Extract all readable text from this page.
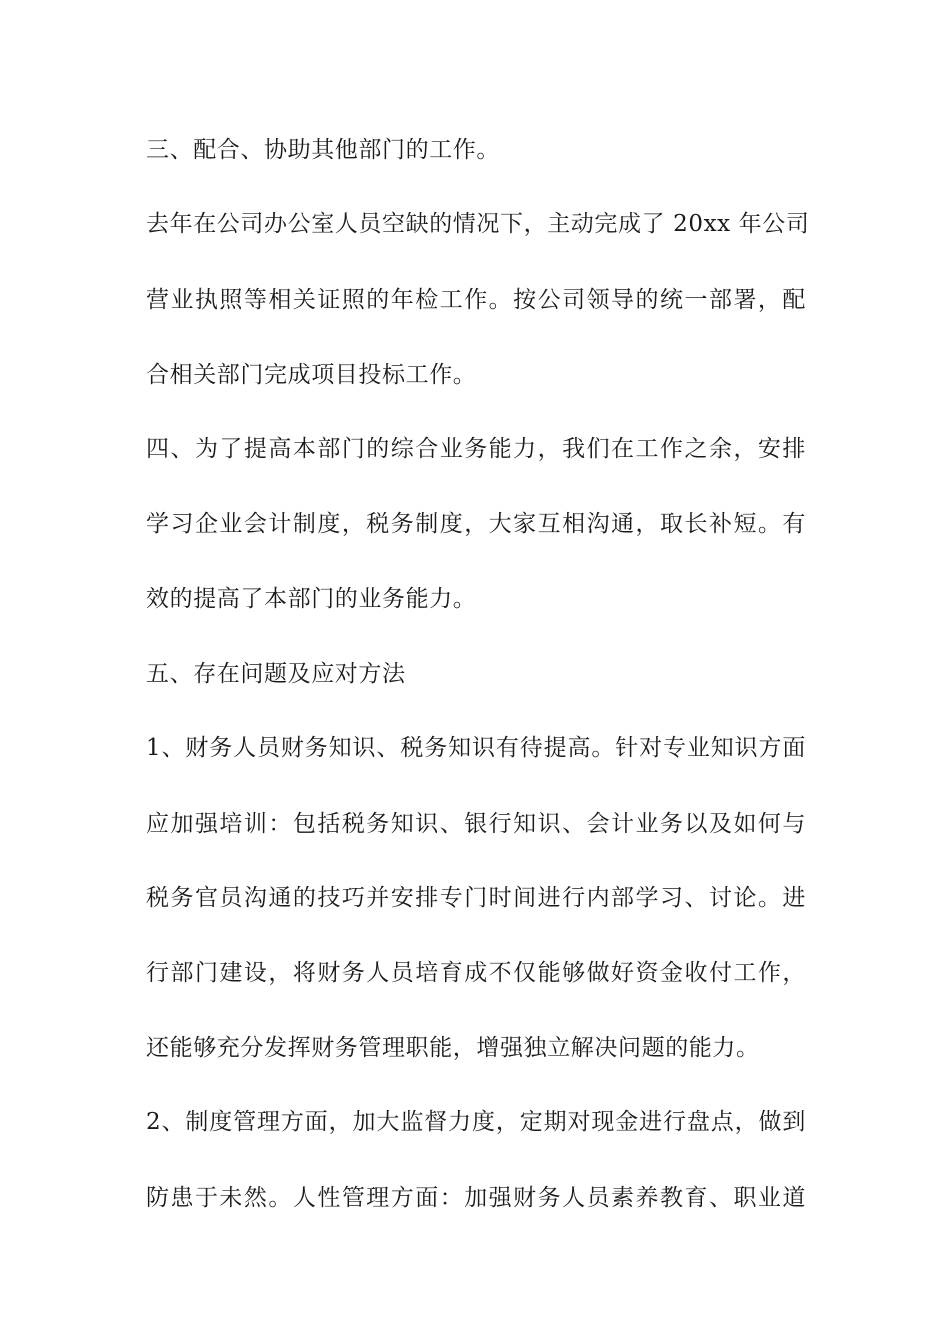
三、配合、协助其他部门的工作。
去年在公司办公室人员空缺的情况下，主动完成了 20xx 年公司
营业执照等相关证照的年检工作。按公司领导的统一部署，配
合相关部门完成项目投标工作。
四、为了提高本部门的综合业务能力，我们在工作之余，安排
学习企业会计制度，税务制度，大家互相沟通，取长补短。有
效的提高了本部门的业务能力。
五、存在问题及应对方法
1、财务人员财务知识、税务知识有待提高。针对专业知识方面
应加强培训：包括税务知识、银行知识、会计业务以及如何与
税务官员沟通的技巧并安排专门时间进行内部学习、讨论。进
行部门建设，将财务人员培育成不仅能够做好资金收付工作，
还能够充分发挥财务管理职能，增强独立解决问题的能力。
2、制度管理方面，加大监督力度，定期对现金进行盘点，做到
防患于未然。人性管理方面：加强财务人员素养教育、职业道
